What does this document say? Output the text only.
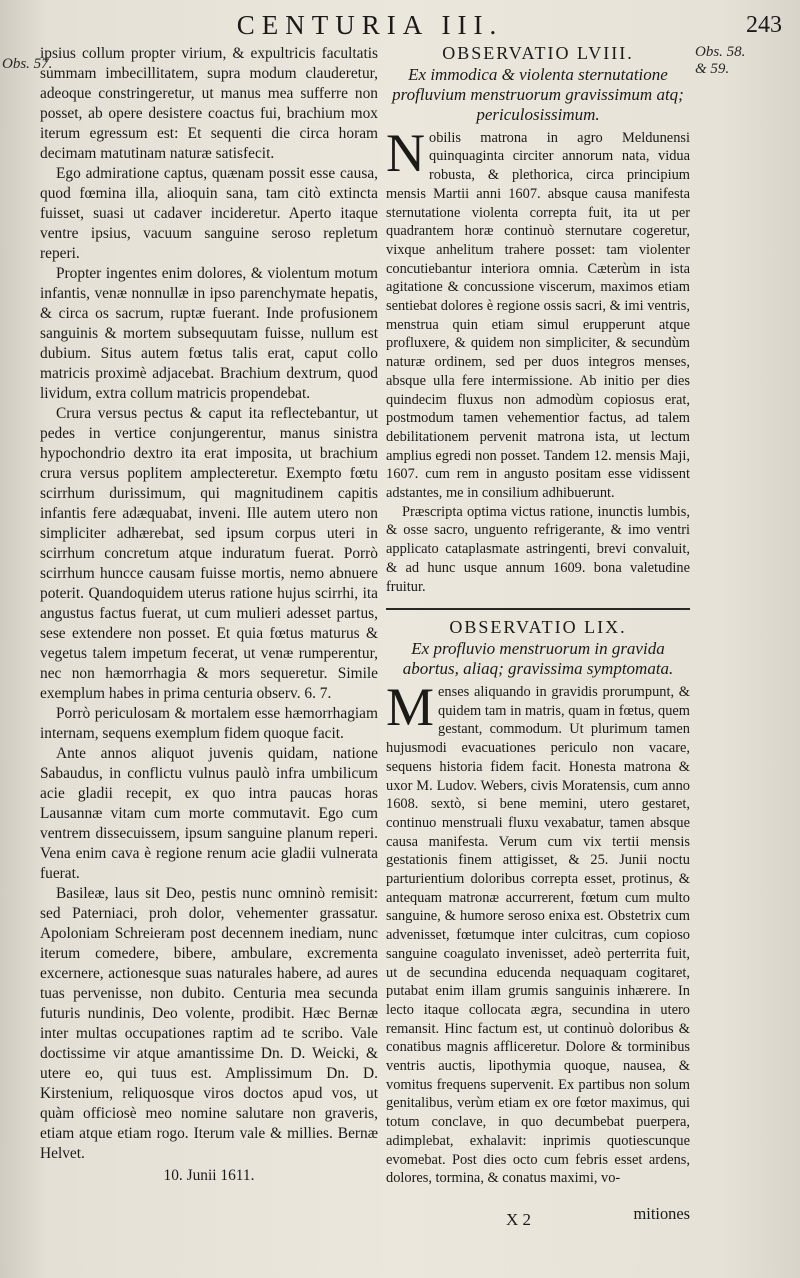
CENTURIA III.	243
Obs. 57.
Obs. 58.
& 59.

ipsius collum propter virium, & expultricis facultatis summam imbecillitatem, supra modum clauderetur, adeoque constringeretur, ut manus mea sufferre non posset, ab opere desistere coactus fui, brachium mox iterum egressum est: Et sequenti die circa horam decimam matutinam naturæ satisfecit.

Ego admiratione captus, quænam possit esse causa, quod fœmina illa, alioquin sana, tam citò extincta fuisset, suasi ut cadaver incideretur. Aperto itaque ventre ipsius, vacuum sanguine seroso repletum reperi.

Propter ingentes enim dolores, & violentum motum infantis, venæ nonnullæ in ipso parenchymate hepatis, & circa os sacrum, ruptæ fuerant. Inde profusionem sanguinis & mortem subsequutam fuisse, nullum est dubium. Situs autem fœtus talis erat, caput collo matricis proximè adjacebat. Brachium dextrum, quod lividum, extra collum matricis propendebat.

Crura versus pectus & caput ita reflectebantur, ut pedes in vertice conjungerentur, manus sinistra hypochondrio dextro ita erat imposita, ut brachium crura versus poplitem amplecteretur. Exempto fœtu scirrhum durissimum, qui magnitudinem capitis infantis fere adæquabat, inveni. Ille autem utero non simpliciter adhærebat, sed ipsum corpus uteri in scirrhum concretum atque induratum fuerat. Porrò scirrhum huncce causam fuisse mortis, nemo abnuere poterit. Quandoquidem uterus ratione hujus scirrhi, ita angustus factus fuerat, ut cum mulieri adesset partus, sese extendere non posset. Et quia fœtus maturus & vegetus talem impetum fecerat, ut venæ rumperentur, nec non hæmorrhagia & mors sequeretur. Simile exemplum habes in prima centuria observ. 6. 7.

Porrò periculosam & mortalem esse hæmorrhagiam internam, sequens exemplum fidem quoque facit.

Ante annos aliquot juvenis quidam, natione Sabaudus, in conflictu vulnus paulò infra umbilicum acie gladii recepit, ex quo intra paucas horas Lausannæ vitam cum morte commutavit. Ego cum ventrem dissecuissem, ipsum sanguine planum reperi. Vena enim cava è regione renum acie gladii vulnerata fuerat.

Basileæ, laus sit Deo, pestis nunc omninò remisit: sed Paterniaci, proh dolor, vehementer grassatur. Apoloniam Schreieram post decennem inediam, nunc iterum comedere, bibere, ambulare, excrementa excernere, actionesque suas naturales habere, ad aures tuas pervenisse, non dubito. Centuria mea secunda futuris nundinis, Deo volente, prodibit. Hæc Bernæ inter multas occupationes raptim ad te scribo. Vale doctissime vir atque amantissime Dn. D. Weicki, & utere eo, qui tuus est. Amplissimum Dn. D. Kirstenium, reliquosque viros doctos apud vos, ut quàm officiosè meo nomine salutare non graveris, etiam atque etiam rogo. Iterum vale & millies. Bernæ Helvet.

10. Junii 1611.

OBSERVATIO LVIII.
Ex immodica & violenta sternutatione profluvium menstruorum gravissimum atq; periculosissimum.

Nobilis matrona in agro Meldunensi quinquaginta circiter annorum nata, vidua robusta, & plethorica, circa principium mensis Martii anni 1607. absque causa manifesta sternutatione violenta correpta fuit, ita ut per quadrantem horæ continuò sternutare cogeretur, vixque anhelitum trahere posset: tam violenter concutiebantur interiora omnia. Cæterùm in ista agitatione & concussione viscerum, maximos etiam sentiebat dolores è regione ossis sacri, & imi ventris, menstrua quin etiam simul erupperunt atque profluxere, & quidem non simpliciter, & secundùm naturæ ordinem, sed per duos integros menses, absque ulla fere intermissione. Ab initio per dies quindecim fluxus non admodùm copiosus erat, postmodum tamen vehementior factus, ad talem debilitationem pervenit matrona ista, ut lectum amplius egredi non posset. Tandem 12. mensis Maji, 1607. cum rem in angusto positam esse vidissent adstantes, me in consilium adhibuerunt.

Præscripta optima victus ratione, inunctis lumbis, & osse sacro, unguento refrigerante, & imo ventri applicato cataplasmate astringenti, brevi convaluit, & ad hunc usque annum 1609. bona valetudine fruitur.

OBSERVATIO LIX.
Ex profluvio menstruorum in gravida abortus, aliaq; gravissima symptomata.

Menses aliquando in gravidis prorumpunt, & quidem tam in matris, quam in fœtus, quem gestant, commodum. Ut plurimum tamen hujusmodi evacuationes periculo non vacare, sequens historia fidem facit. Honesta matrona & uxor M. Ludov. Webers, civis Moratensis, cum anno 1608. sextò, si bene memini, utero gestaret, continuo menstruali fluxu vexabatur, tamen absque causa manifesta. Verum cum vix tertii mensis gestationis finem attigisset, & 25. Junii noctu parturientium doloribus correpta esset, protinus, & antequam matronæ accurrerent, fœtum cum multo sanguine, & humore seroso enixa est. Obstetrix cum advenisset, fœtumque inter culcitras, cum copioso sanguine coagulato invenisset, adeò perterrita fuit, ut de secundina educenda nequaquam cogitaret, putabat enim illam grumis sanguinis inhærere. In lecto itaque collocata ægra, secundina in utero remansit. Hinc factum est, ut continuò doloribus & conatibus magnis affliceretur. Dolore & torminibus ventris auctis, lipothymia quoque, nausea, & vomitus frequens supervenit. Ex partibus non solum genitalibus, verùm etiam ex ore fœtor maximus, qui totum conclave, in quo decumbebat puerpera, adimplebat, exhalavit: inprimis quotiescunque evomebat. Post dies octo cum febris esset ardens, dolores, tormina, & conatus maximi, vo-

X 2	mitiones
